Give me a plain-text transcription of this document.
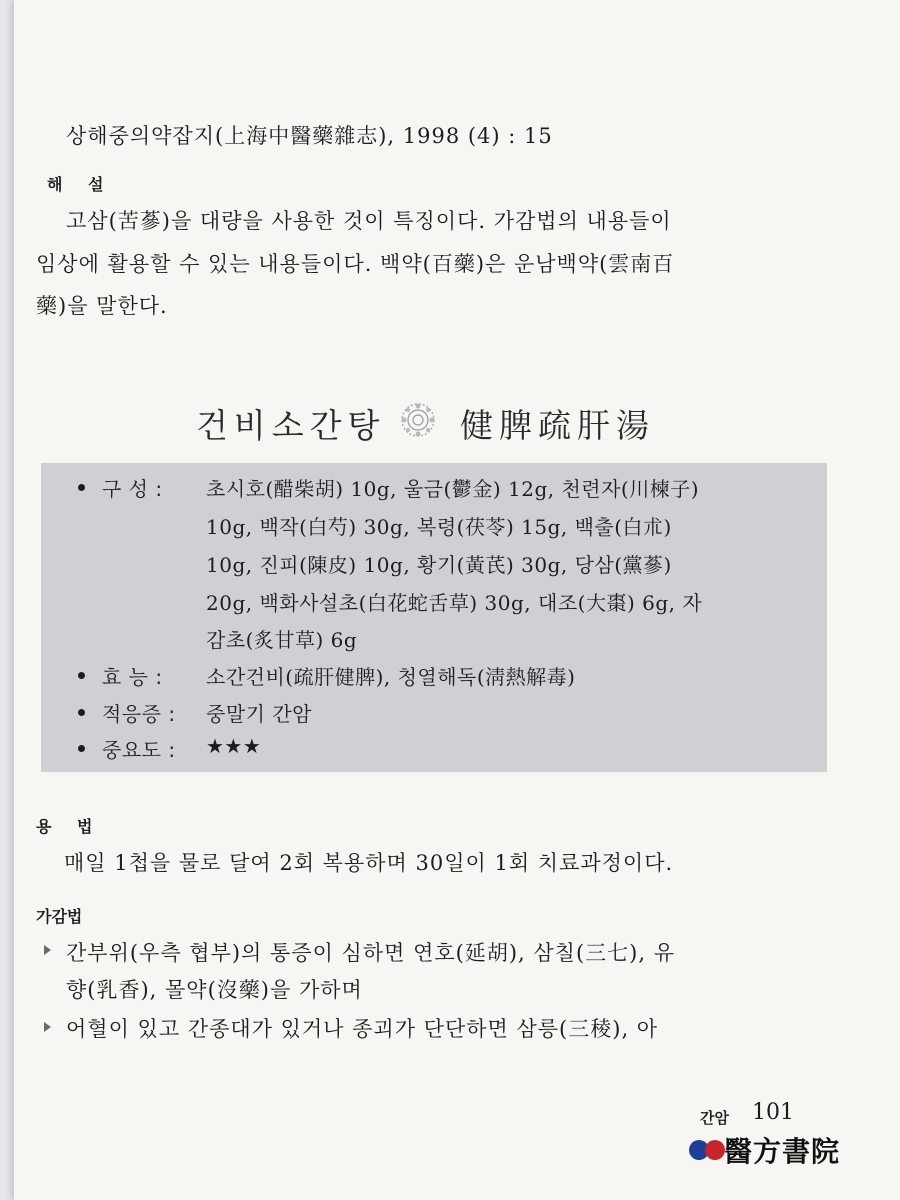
상해중의약잡지(上海中醫藥雜志), 1998 (4) : 15
해 설
고삼(苦蔘)을 대량을 사용한 것이 특징이다. 가감법의 내용들이
임상에 활용할 수 있는 내용들이다. 백약(百藥)은 운남백약(雲南百
藥)을 말한다.
건비소간탕 健脾疏肝湯
구 성 : 초시호(醋柴胡) 10g, 울금(鬱金) 12g, 천련자(川楝子)
10g, 백작(白芍) 30g, 복령(茯苓) 15g, 백출(白朮)
10g, 진피(陳皮) 10g, 황기(黃芪) 30g, 당삼(黨蔘)
20g, 백화사설초(白花蛇舌草) 30g, 대조(大棗) 6g, 자
감초(炙甘草) 6g
효 능 : 소간건비(疏肝健脾), 청열해독(淸熱解毒)
적응증 : 중말기 간암
중요도 : ★★★
용 법
매일 1첩을 물로 달여 2회 복용하며 30일이 1회 치료과정이다.
가감법
간부위(우측 협부)의 통증이 심하면 연호(延胡), 삼칠(三七), 유
향(乳香), 몰약(沒藥)을 가하며
어혈이 있고 간종대가 있거나 종괴가 단단하면 삼릉(三稜), 아
간암 101
醫方書院
